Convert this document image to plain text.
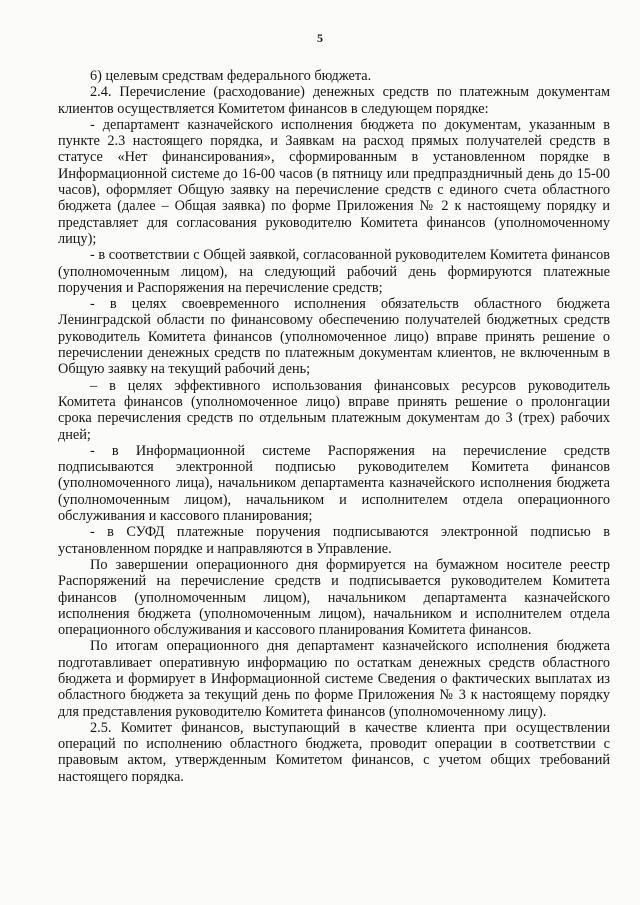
5

6) целевым средствам федерального бюджета.

2.4. Перечисление (расходование) денежных средств по платежным документам клиентов осуществляется Комитетом финансов в следующем порядке:

- департамент казначейского исполнения бюджета по документам, указанным в пункте 2.3 настоящего порядка, и Заявкам на расход прямых получателей средств в статусе «Нет финансирования», сформированным в установленном порядке в Информационной системе до 16-00 часов (в пятницу или предпраздничный день до 15-00 часов), оформляет Общую заявку на перечисление средств с единого счета областного бюджета (далее – Общая заявка) по форме Приложения № 2 к настоящему порядку и представляет для согласования руководителю Комитета финансов (уполномоченному лицу);

- в соответствии с Общей заявкой, согласованной руководителем Комитета финансов (уполномоченным лицом), на следующий рабочий день формируются платежные поручения и Распоряжения на перечисление средств;

- в целях своевременного исполнения обязательств областного бюджета Ленинградской области по финансовому обеспечению получателей бюджетных средств руководитель Комитета финансов (уполномоченное лицо) вправе принять решение о перечислении денежных средств по платежным документам клиентов, не включенным в Общую заявку на текущий рабочий день;

– в целях эффективного использования финансовых ресурсов руководитель Комитета финансов (уполномоченное лицо) вправе принять решение о пролонгации срока перечисления средств по отдельным платежным документам до 3 (трех) рабочих дней;

- в Информационной системе Распоряжения на перечисление средств подписываются электронной подписью руководителем Комитета финансов (уполномоченного лица), начальником департамента казначейского исполнения бюджета (уполномоченным лицом), начальником и исполнителем отдела операционного обслуживания и кассового планирования;

- в СУФД платежные поручения подписываются электронной подписью в установленном порядке и направляются в Управление.

По завершении операционного дня формируется на бумажном носителе реестр Распоряжений на перечисление средств и подписывается руководителем Комитета финансов (уполномоченным лицом), начальником департамента казначейского исполнения бюджета (уполномоченным лицом), начальником и исполнителем отдела операционного обслуживания и кассового планирования Комитета финансов.

По итогам операционного дня департамент казначейского исполнения бюджета подготавливает оперативную информацию по остаткам денежных средств областного бюджета и формирует в Информационной системе Сведения о фактических выплатах из областного бюджета за текущий день по форме Приложения № 3 к настоящему порядку для представления руководителю Комитета финансов (уполномоченному лицу).

2.5. Комитет финансов, выступающий в качестве клиента при осуществлении операций по исполнению областного бюджета, проводит операции в соответствии с правовым актом, утвержденным Комитетом финансов, с учетом общих требований настоящего порядка.
